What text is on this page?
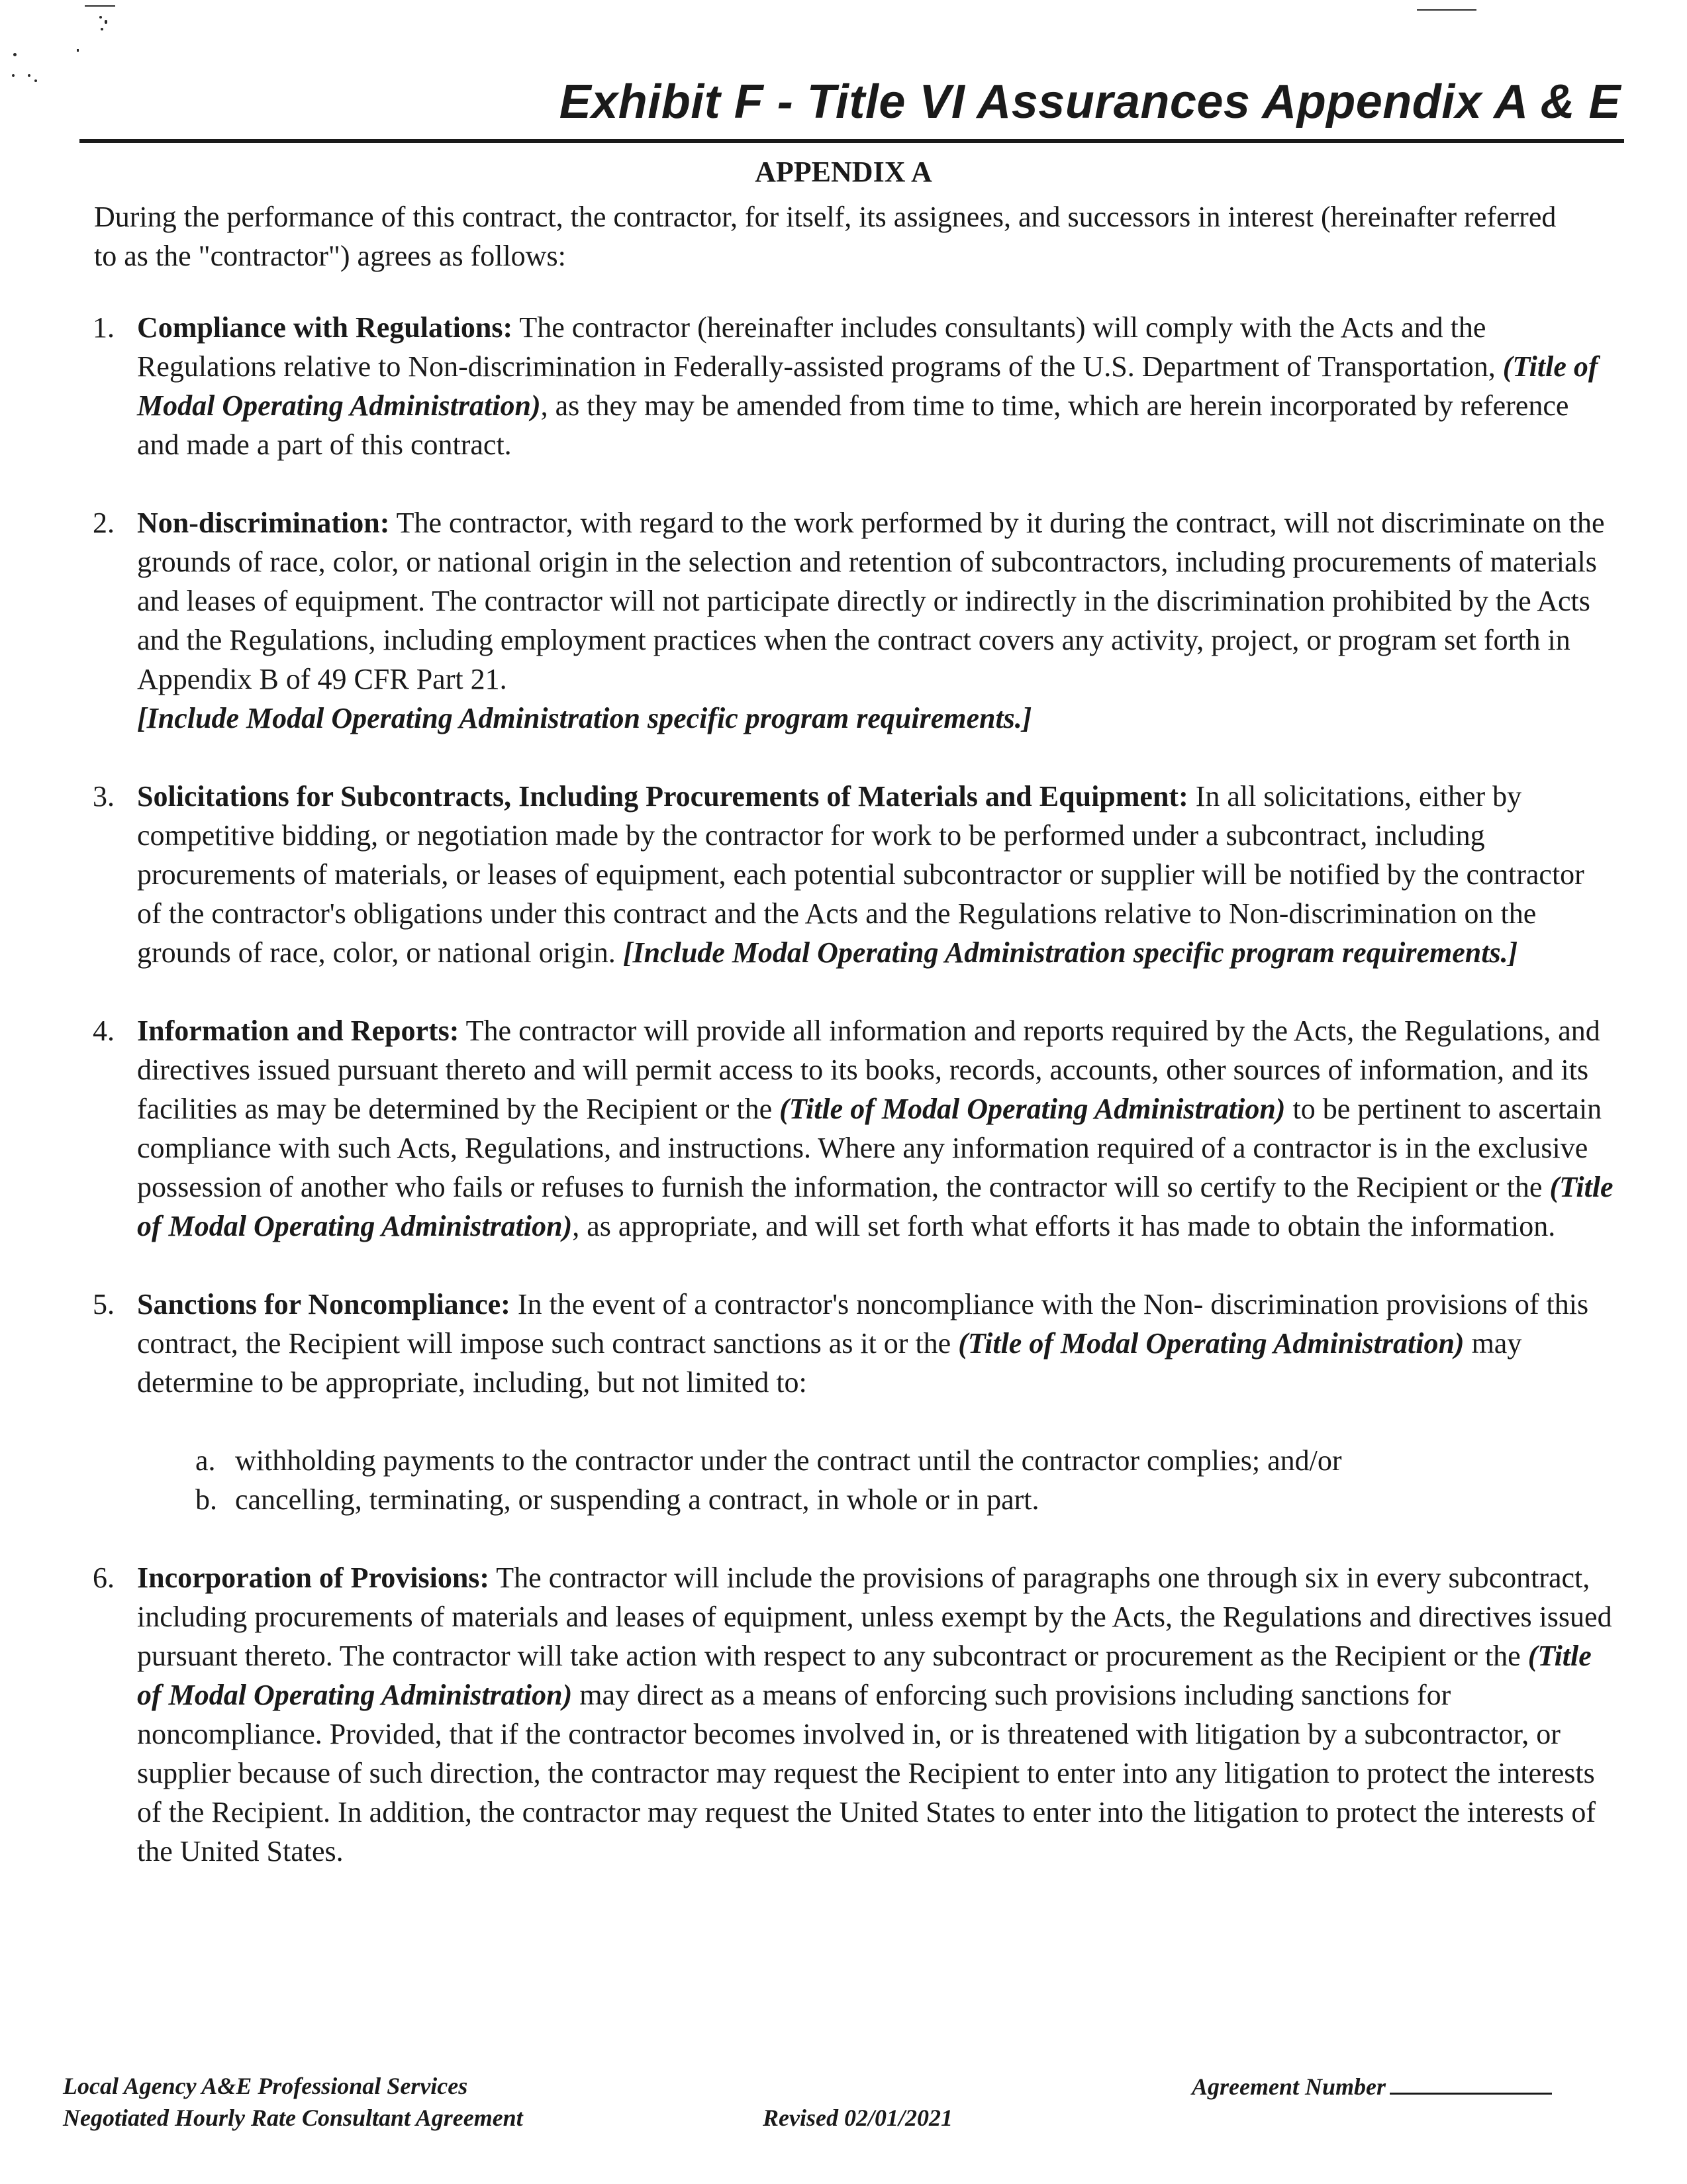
Exhibit F - Title VI Assurances Appendix A & E
APPENDIX A

During the performance of this contract, the contractor, for itself, its assignees, and successors in interest (hereinafter referred to as the "contractor") agrees as follows:

1. Compliance with Regulations: The contractor (hereinafter includes consultants) will comply with the Acts and the Regulations relative to Non-discrimination in Federally-assisted programs of the U.S. Department of Transportation, (Title of Modal Operating Administration), as they may be amended from time to time, which are herein incorporated by reference and made a part of this contract.
2. Non-discrimination: The contractor, with regard to the work performed by it during the contract, will not discriminate on the grounds of race, color, or national origin in the selection and retention of subcontractors, including procurements of materials and leases of equipment. The contractor will not participate directly or indirectly in the discrimination prohibited by the Acts and the Regulations, including employment practices when the contract covers any activity, project, or program set forth in Appendix B of 49 CFR Part 21.
[Include Modal Operating Administration specific program requirements.]
3. Solicitations for Subcontracts, Including Procurements of Materials and Equipment: In all solicitations, either by competitive bidding, or negotiation made by the contractor for work to be performed under a subcontract, including procurements of materials, or leases of equipment, each potential subcontractor or supplier will be notified by the contractor of the contractor's obligations under this contract and the Acts and the Regulations relative to Non-discrimination on the grounds of race, color, or national origin. [Include Modal Operating Administration specific program requirements.]
4. Information and Reports: The contractor will provide all information and reports required by the Acts, the Regulations, and directives issued pursuant thereto and will permit access to its books, records, accounts, other sources of information, and its facilities as may be determined by the Recipient or the (Title of Modal Operating Administration) to be pertinent to ascertain compliance with such Acts, Regulations, and instructions. Where any information required of a contractor is in the exclusive possession of another who fails or refuses to furnish the information, the contractor will so certify to the Recipient or the (Title of Modal Operating Administration), as appropriate, and will set forth what efforts it has made to obtain the information.
5. Sanctions for Noncompliance: In the event of a contractor's noncompliance with the Non- discrimination provisions of this contract, the Recipient will impose such contract sanctions as it or the (Title of Modal Operating Administration) may determine to be appropriate, including, but not limited to:
a. withholding payments to the contractor under the contract until the contractor complies; and/or
b. cancelling, terminating, or suspending a contract, in whole or in part.
6. Incorporation of Provisions: The contractor will include the provisions of paragraphs one through six in every subcontract, including procurements of materials and leases of equipment, unless exempt by the Acts, the Regulations and directives issued pursuant thereto. The contractor will take action with respect to any subcontract or procurement as the Recipient or the (Title of Modal Operating Administration) may direct as a means of enforcing such provisions including sanctions for noncompliance. Provided, that if the contractor becomes involved in, or is threatened with litigation by a subcontractor, or supplier because of such direction, the contractor may request the Recipient to enter into any litigation to protect the interests of the Recipient. In addition, the contractor may request the United States to enter into the litigation to protect the interests of the United States.
Local Agency A&E Professional Services
Negotiated Hourly Rate Consultant Agreement	Revised 02/01/2021
Agreement Number
